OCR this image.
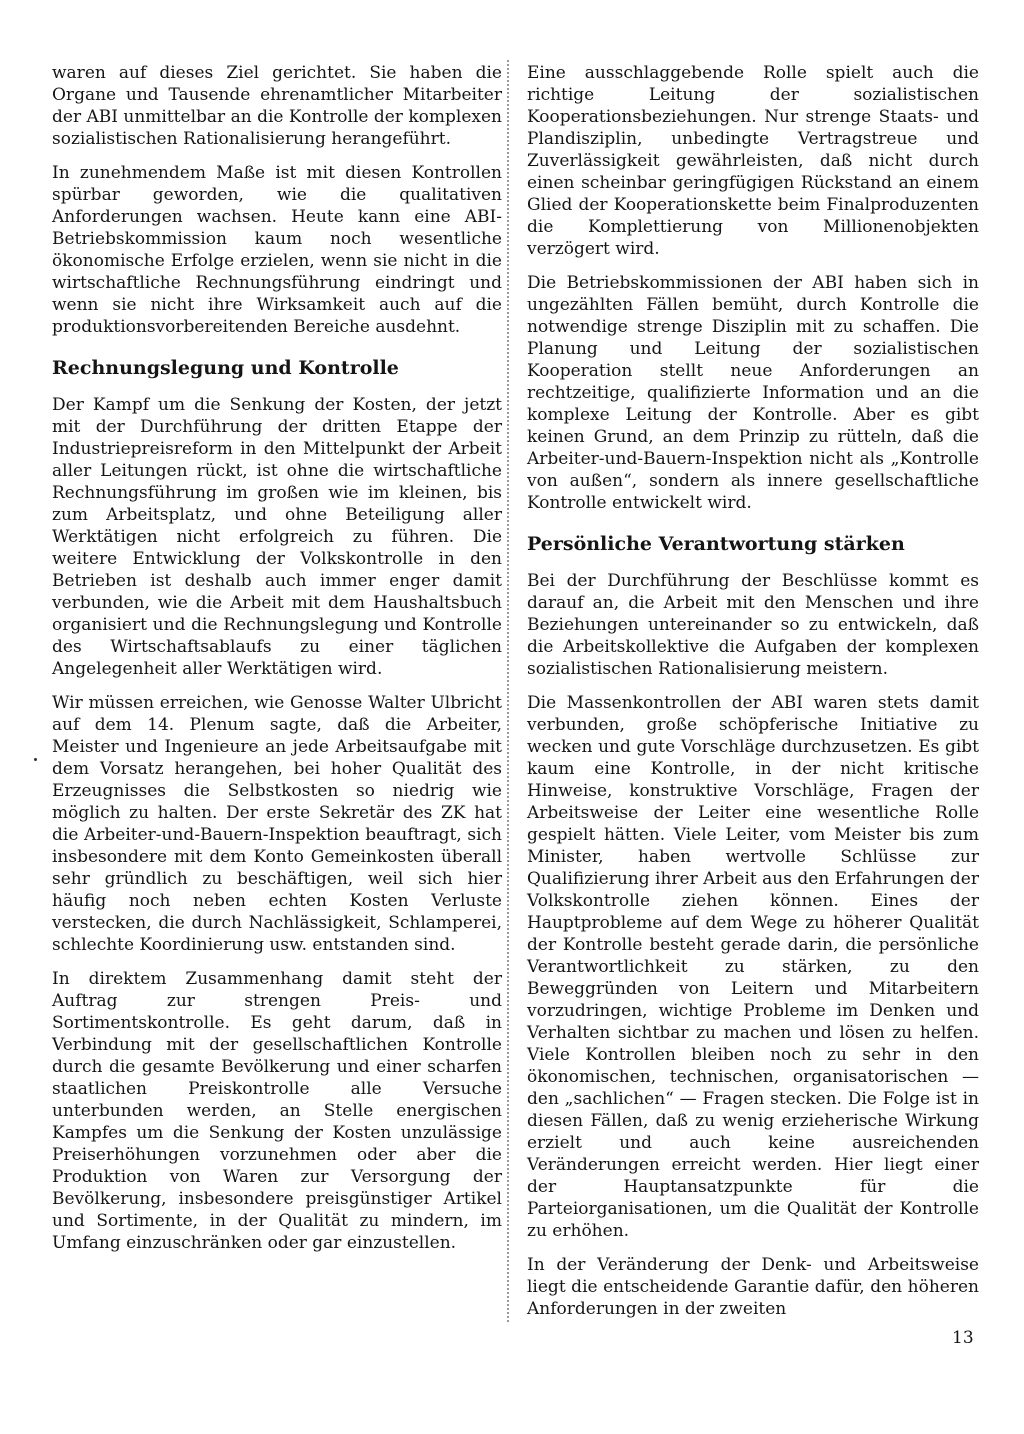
waren auf dieses Ziel gerichtet. Sie haben die Organe und Tausende ehrenamtlicher Mitarbeiter der ABI unmittelbar an die Kontrolle der komplexen sozialistischen Rationalisierung herangeführt.

In zunehmendem Maße ist mit diesen Kontrollen spürbar geworden, wie die qualitativen Anforderungen wachsen. Heute kann eine ABI-Betriebskommission kaum noch wesentliche ökonomische Erfolge erzielen, wenn sie nicht in die wirtschaftliche Rechnungsführung eindringt und wenn sie nicht ihre Wirksamkeit auch auf die produktionsvorbereitenden Bereiche ausdehnt.

Rechnungslegung und Kontrolle

Der Kampf um die Senkung der Kosten, der jetzt mit der Durchführung der dritten Etappe der Industriepreisreform in den Mittelpunkt der Arbeit aller Leitungen rückt, ist ohne die wirtschaftliche Rechnungsführung im großen wie im kleinen, bis zum Arbeitsplatz, und ohne Beteiligung aller Werktätigen nicht erfolgreich zu führen. Die weitere Entwicklung der Volkskontrolle in den Betrieben ist deshalb auch immer enger damit verbunden, wie die Arbeit mit dem Haushaltsbuch organisiert und die Rechnungslegung und Kontrolle des Wirtschaftsablaufs zu einer täglichen Angelegenheit aller Werktätigen wird.

Wir müssen erreichen, wie Genosse Walter Ulbricht auf dem 14. Plenum sagte, daß die Arbeiter, Meister und Ingenieure an jede Arbeitsaufgabe mit dem Vorsatz herangehen, bei hoher Qualität des Erzeugnisses die Selbstkosten so niedrig wie möglich zu halten. Der erste Sekretär des ZK hat die Arbeiter-und-Bauern-Inspektion beauftragt, sich insbesondere mit dem Konto Gemeinkosten überall sehr gründlich zu beschäftigen, weil sich hier häufig noch neben echten Kosten Verluste verstecken, die durch Nachlässigkeit, Schlamperei, schlechte Koordinierung usw. entstanden sind.

In direktem Zusammenhang damit steht der Auftrag zur strengen Preis- und Sortimentskontrolle. Es geht darum, daß in Verbindung mit der gesellschaftlichen Kontrolle durch die gesamte Bevölkerung und einer scharfen staatlichen Preiskontrolle alle Versuche unterbunden werden, an Stelle energischen Kampfes um die Senkung der Kosten unzulässige Preiserhöhungen vorzunehmen oder aber die Produktion von Waren zur Versorgung der Bevölkerung, insbesondere preisgünstiger Artikel und Sortimente, in der Qualität zu mindern, im Umfang einzuschränken oder gar einzustellen.

Eine ausschlaggebende Rolle spielt auch die richtige Leitung der sozialistischen Kooperationsbeziehungen. Nur strenge Staats- und Plandisziplin, unbedingte Vertragstreue und Zuverlässigkeit gewährleisten, daß nicht durch einen scheinbar geringfügigen Rückstand an einem Glied der Kooperationskette beim Finalproduzenten die Komplettierung von Millionenobjekten verzögert wird.

Die Betriebskommissionen der ABI haben sich in ungezählten Fällen bemüht, durch Kontrolle die notwendige strenge Disziplin mit zu schaffen. Die Planung und Leitung der sozialistischen Kooperation stellt neue Anforderungen an rechtzeitige, qualifizierte Information und an die komplexe Leitung der Kontrolle. Aber es gibt keinen Grund, an dem Prinzip zu rütteln, daß die Arbeiter-und-Bauern-Inspektion nicht als „Kontrolle von außen“, sondern als innere gesellschaftliche Kontrolle entwickelt wird.

Persönliche Verantwortung stärken

Bei der Durchführung der Beschlüsse kommt es darauf an, die Arbeit mit den Menschen und ihre Beziehungen untereinander so zu entwickeln, daß die Arbeitskollektive die Aufgaben der komplexen sozialistischen Rationalisierung meistern.

Die Massenkontrollen der ABI waren stets damit verbunden, große schöpferische Initiative zu wecken und gute Vorschläge durchzusetzen. Es gibt kaum eine Kontrolle, in der nicht kritische Hinweise, konstruktive Vorschläge, Fragen der Arbeitsweise der Leiter eine wesentliche Rolle gespielt hätten. Viele Leiter, vom Meister bis zum Minister, haben wertvolle Schlüsse zur Qualifizierung ihrer Arbeit aus den Erfahrungen der Volkskontrolle ziehen können. Eines der Hauptprobleme auf dem Wege zu höherer Qualität der Kontrolle besteht gerade darin, die persönliche Verantwortlichkeit zu stärken, zu den Beweggründen von Leitern und Mitarbeitern vorzudringen, wichtige Probleme im Denken und Verhalten sichtbar zu machen und lösen zu helfen. Viele Kontrollen bleiben noch zu sehr in den ökonomischen, technischen, organisatorischen — den „sachlichen“ — Fragen stecken. Die Folge ist in diesen Fällen, daß zu wenig erzieherische Wirkung erzielt und auch keine ausreichenden Veränderungen erreicht werden. Hier liegt einer der Hauptansatzpunkte für die Parteiorganisationen, um die Qualität der Kontrolle zu erhöhen.

In der Veränderung der Denk- und Arbeitsweise liegt die entscheidende Garantie dafür, den höheren Anforderungen in der zweiten

13
